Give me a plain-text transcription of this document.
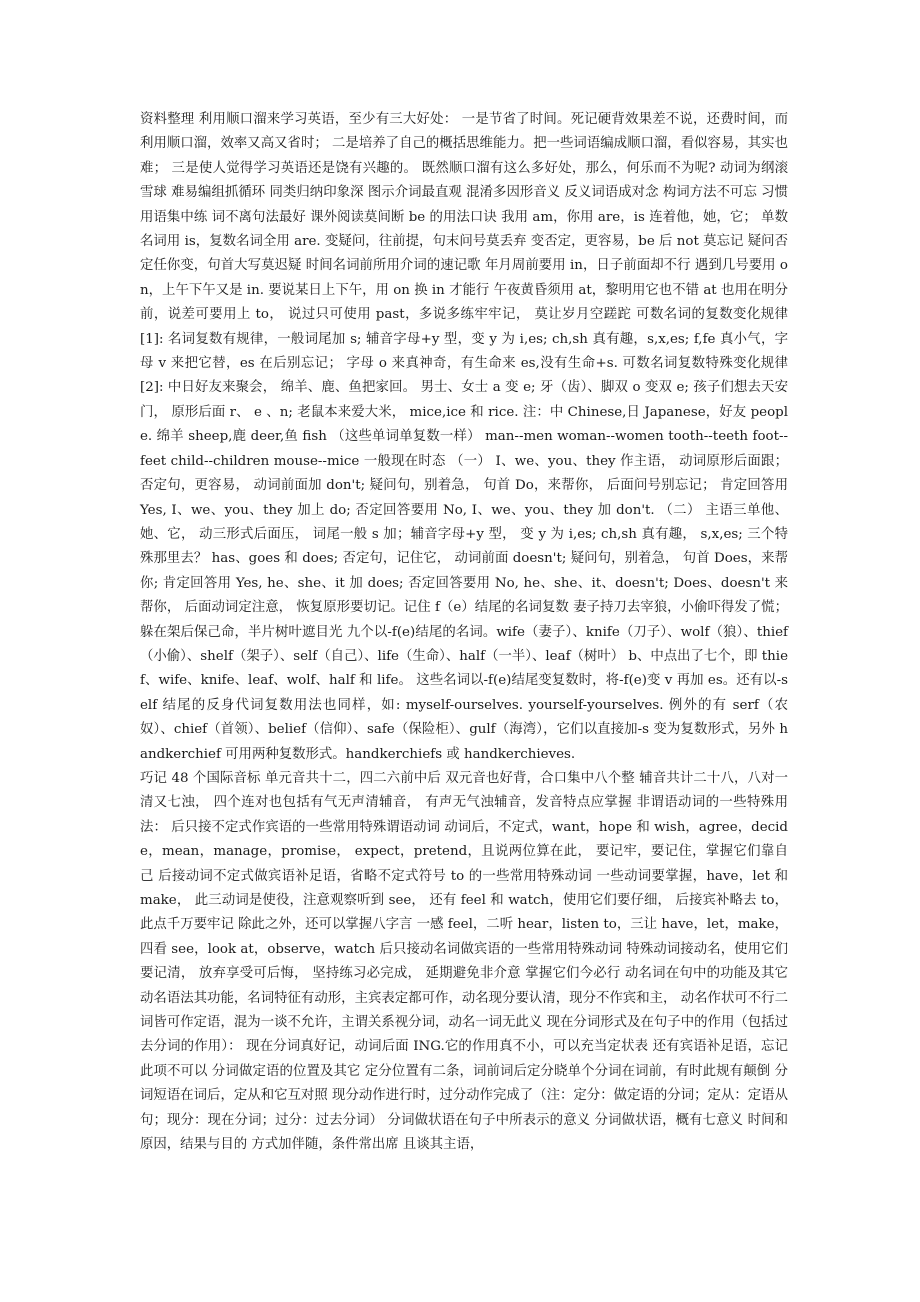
资料整理 利用顺口溜来学习英语，至少有三大好处： 一是节省了时间。死记硬背效果差不说，还费时间，而利用顺口溜，效率又高又省时； 二是培养了自己的概括思维能力。把一些词语编成顺口溜，看似容易，其实也难； 三是使人觉得学习英语还是饶有兴趣的。 既然顺口溜有这么多好处，那么，何乐而不为呢? 动词为纲滚雪球 难易编组抓循环 同类归纳印象深 图示介词最直观 混淆多因形音义 反义词语成对念 构词方法不可忘 习惯用语集中练 词不离句法最好 课外阅读莫间断 be 的用法口诀 我用 am，你用 are，is 连着他，她，它； 单数名词用 is，复数名词全用 are. 变疑问，往前提，句末问号莫丢弃 变否定，更容易，be 后 not 莫忘记 疑问否定任你变，句首大写莫迟疑 时间名词前所用介词的速记歌 年月周前要用 in，日子前面却不行 遇到几号要用 on，上午下午又是 in. 要说某日上下午，用 on 换 in 才能行 午夜黄昏须用 at，黎明用它也不错 at 也用在明分前，说差可要用上 to， 说过只可使用 past，多说多练牢牢记， 莫让岁月空蹉跎 可数名词的复数变化规律[1]: 名词复数有规律，一般词尾加 s; 辅音字母+y 型，变 y 为 i,es; ch,sh 真有趣，s,x,es; f,fe 真小气，字母 v 来把它替，es 在后别忘记； 字母 o 来真神奇，有生命来 es,没有生命+s. 可数名词复数特殊变化规律[2]: 中日好友来聚会， 绵羊、鹿、鱼把家回。 男士、女士 a 变 e; 牙（齿）、脚双 o 变双 e; 孩子们想去天安门， 原形后面 r、 e 、n; 老鼠本来爱大米， mice,ice 和 rice. 注：中 Chinese,日 Japanese，好友 people. 绵羊 sheep,鹿 deer,鱼 fish （这些单词单复数一样） man--men woman--women tooth--teeth foot--feet child--children mouse--mice 一般现在时态 （一） I、we、you、they 作主语， 动词原形后面跟； 否定句，更容易， 动词前面加 don't; 疑问句，别着急， 句首 Do，来帮你， 后面问号别忘记； 肯定回答用 Yes, I、we、you、they 加上 do; 否定回答要用 No, I、we、you、they 加 don't. （二） 主语三单他、她、它， 动三形式后面压， 词尾一般 s 加；辅音字母+y 型， 变 y 为 i,es; ch,sh 真有趣， s,x,es; 三个特殊那里去？ has、goes 和 does; 否定句，记住它， 动词前面 doesn't; 疑问句，别着急， 句首 Does，来帮你; 肯定回答用 Yes, he、she、it 加 does; 否定回答要用 No, he、she、it、doesn't; Does、doesn't 来帮你， 后面动词定注意， 恢复原形要切记。记住 f（e）结尾的名词复数 妻子持刀去宰狼，小偷吓得发了慌；躲在架后保己命，半片树叶遮目光 九个以-f(e)结尾的名词。wife（妻子）、knife（刀子）、wolf（狼）、thief（小偷）、shelf（架子）、self（自己）、life（生命）、half（一半）、leaf（树叶） b、中点出了七个，即 thief、wife、knife、leaf、wolf、half 和 life。 这些名词以-f(e)结尾变复数时，将-f(e)变 v 再加 es。还有以-self 结尾的反身代词复数用法也同样，如: myself-ourselves. yourself-yourselves. 例外的有 serf（农奴）、chief（首领）、belief（信仰）、safe（保险柜）、gulf（海湾），它们以直接加-s 变为复数形式，另外 handkerchief 可用两种复数形式。handkerchiefs 或 handkerchieves.

巧记 48 个国际音标 单元音共十二，四二六前中后 双元音也好背，合口集中八个整 辅音共计二十八，八对一清又七浊， 四个连对也包括有气无声清辅音， 有声无气浊辅音，发音特点应掌握 非谓语动词的一些特殊用法： 后只接不定式作宾语的一些常用特殊谓语动词 动词后，不定式，want，hope 和 wish，agree，decide，mean，manage，promise， expect，pretend，且说两位算在此， 要记牢，要记住，掌握它们靠自己 后接动词不定式做宾语补足语，省略不定式符号 to 的一些常用特殊动词 一些动词要掌握，have，let 和 make， 此三动词是使役，注意观察听到 see， 还有 feel 和 watch，使用它们要仔细， 后接宾补略去 to，此点千万要牢记 除此之外，还可以掌握八字言 一感 feel，二听 hear，listen to，三让 have，let，make，四看 see，look at，observe，watch 后只接动名词做宾语的一些常用特殊动词 特殊动词接动名，使用它们要记清， 放弃享受可后悔， 坚持练习必完成， 延期避免非介意 掌握它们今必行 动名词在句中的功能及其它 动名语法其功能，名词特征有动形，主宾表定都可作，动名现分要认清，现分不作宾和主， 动名作状可不行二词皆可作定语，混为一谈不允许，主谓关系视分词，动名一词无此义 现在分词形式及在句子中的作用（包括过去分词的作用）： 现在分词真好记，动词后面 ING.它的作用真不小，可以充当定状表 还有宾语补足语，忘记此项不可以 分词做定语的位置及其它 定分位置有二条，词前词后定分晓单个分词在词前，有时此规有颠倒 分词短语在词后，定从和它互对照 现分动作进行时，过分动作完成了（注：定分：做定语的分词；定从：定语从句；现分：现在分词；过分：过去分词） 分词做状语在句子中所表示的意义 分词做状语，概有七意义 时间和原因，结果与目的 方式加伴随，条件常出席 且谈其主语，
